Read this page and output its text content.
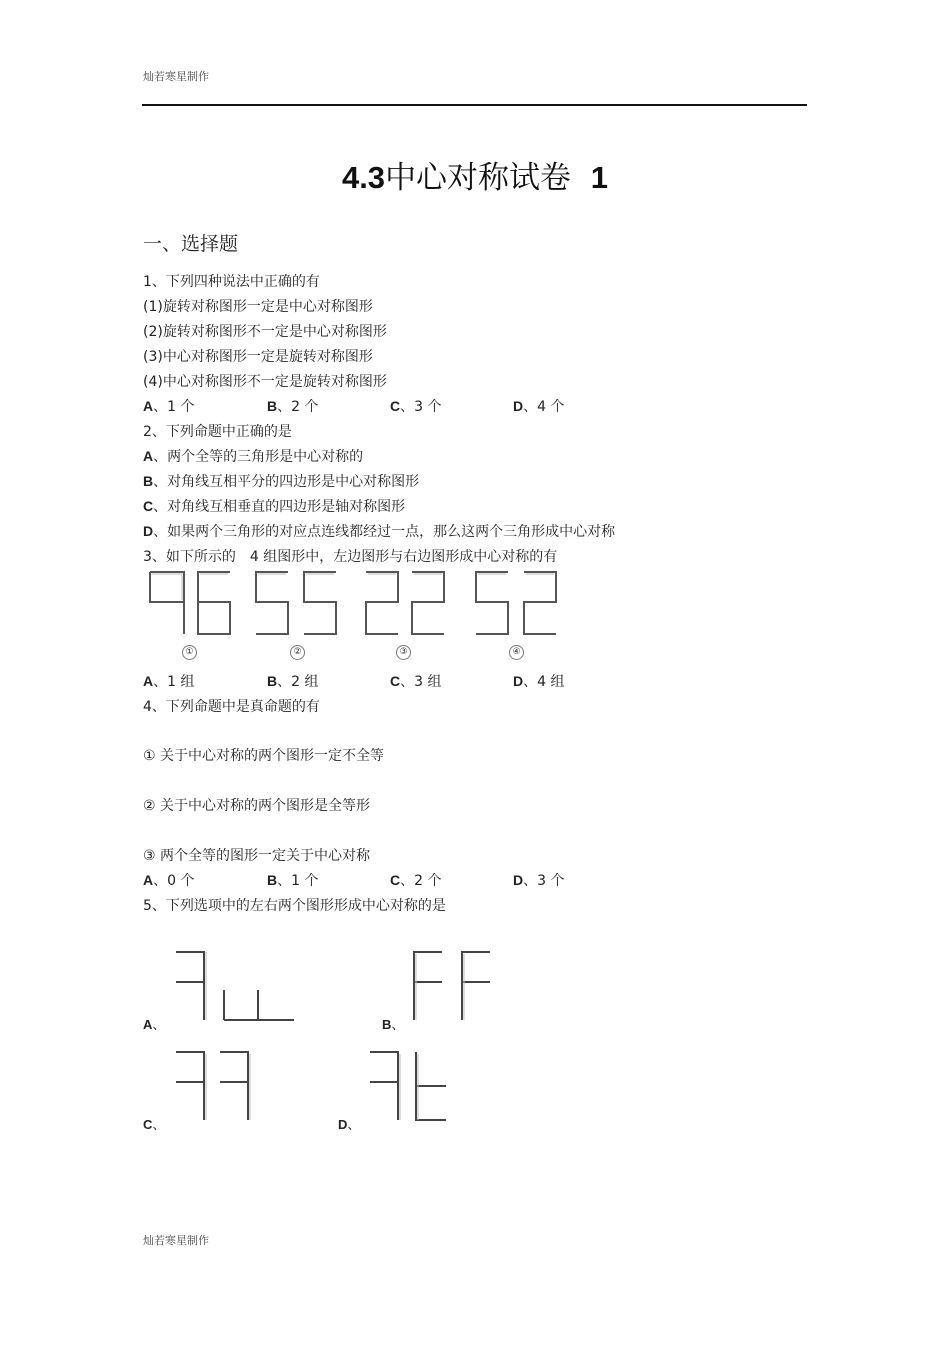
灿若寒星制作
4.3中心对称试卷 1
一、选择题
1、下列四种说法中正确的有
(1)旋转对称图形一定是中心对称图形
(2)旋转对称图形不一定是中心对称图形
(3)中心对称图形一定是旋转对称图形
(4)中心对称图形不一定是旋转对称图形
A、1 个	B、2 个	C、3 个	D、4 个
2、下列命题中正确的是
A、两个全等的三角形是中心对称的
B、对角线互相平分的四边形是中心对称图形
C、对角线互相垂直的四边形是轴对称图形
D、如果两个三角形的对应点连线都经过一点，那么这两个三角形成中心对称
3、如下所示的　4 组图形中，左边图形与右边图形成中心对称的有
①	②	③	④
A、1 组	B、2 组	C、3 组	D、4 组
4、下列命题中是真命题的有
① 关于中心对称的两个图形一定不全等
② 关于中心对称的两个图形是全等形
③ 两个全等的图形一定关于中心对称
A、0 个	B、1 个	C、2 个	D、3 个
5、下列选项中的左右两个图形形成中心对称的是
A、	B、
C、	D、
灿若寒星制作
